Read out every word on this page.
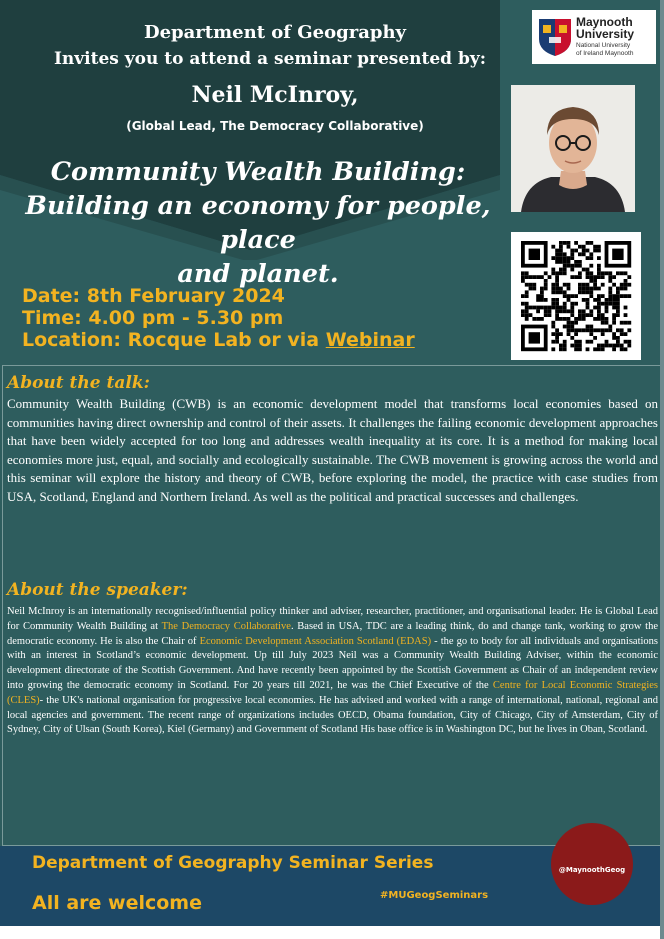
Department of Geography
Invites you to attend a seminar presented by:
Neil McInroy,
(Global Lead, The Democracy Collaborative)
Community Wealth Building:
Building an economy for people, place
and planet.
Maynooth
University
National University
of Ireland Maynooth
Date: 8th February 2024
Time: 4.00 pm - 5.30 pm
Location: Rocque Lab or via Webinar
About the talk:
Community Wealth Building (CWB) is an economic development model that transforms local economies based on communities having direct ownership and control of their assets. It challenges the failing economic development approaches that have been widely accepted for too long and addresses wealth inequality at its core. It is a method for making local economies more just, equal, and socially and ecologically sustainable. The CWB movement is growing across the world and this seminar will explore the history and theory of CWB, before exploring the model, the practice with case studies from USA, Scotland, England and Northern Ireland. As well as the political and practical successes and challenges.
About the speaker:
Neil McInroy is an internationally recognised/influential policy thinker and adviser, researcher, practitioner, and organisational leader. He is Global Lead for Community Wealth Building at The Democracy Collaborative. Based in USA, TDC are a leading think, do and change tank, working to grow the democratic economy. He is also the Chair of Economic Development Association Scotland (EDAS) - the go to body for all individuals and organisations with an interest in Scotland’s economic development. Up till July 2023 Neil was a Community Wealth Building Adviser, within the economic development directorate of the Scottish Government. And have recently been appointed by the Scottish Government as Chair of an independent review into growing the democratic economy in Scotland. For 20 years till 2021, he was the Chief Executive of the Centre for Local Economic Strategies (CLES)- the UK's national organisation for progressive local economies. He has advised and worked with a range of international, national, regional and local agencies and government. The recent range of organizations includes OECD, Obama foundation, City of Chicago, City of Amsterdam, City of Sydney, City of Ulsan (South Korea), Kiel (Germany) and Government of Scotland His base office is in Washington DC, but he lives in Oban, Scotland.
Department of Geography Seminar Series
All are welcome	#MUGeogSeminars
@MaynoothGeog
